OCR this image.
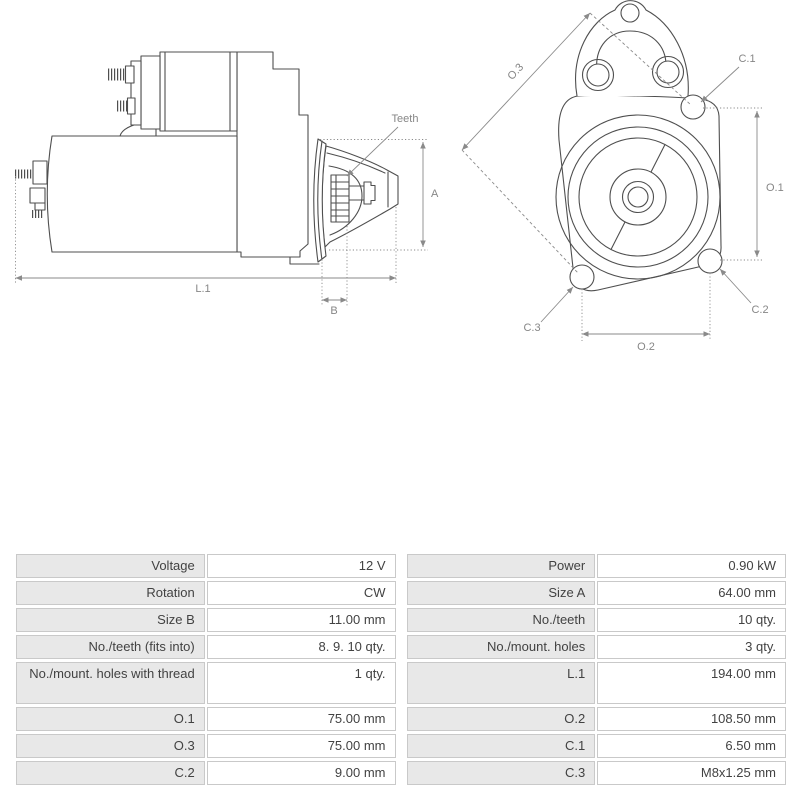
L.1
A
B
Teeth
O.3
C.1
O.1
C.2
C.3
O.2
Voltage	12 V
Rotation	CW
Size B	11.00 mm
No./teeth (fits into)	8. 9. 10 qty.
No./mount. holes with thread	1 qty.
O.1	75.00 mm
O.3	75.00 mm
C.2	9.00 mm
Power	0.90 kW
Size A	64.00 mm
No./teeth	10 qty.
No./mount. holes	3 qty.
L.1	194.00 mm
O.2	108.50 mm
C.1	6.50 mm
C.3	M8x1.25 mm
